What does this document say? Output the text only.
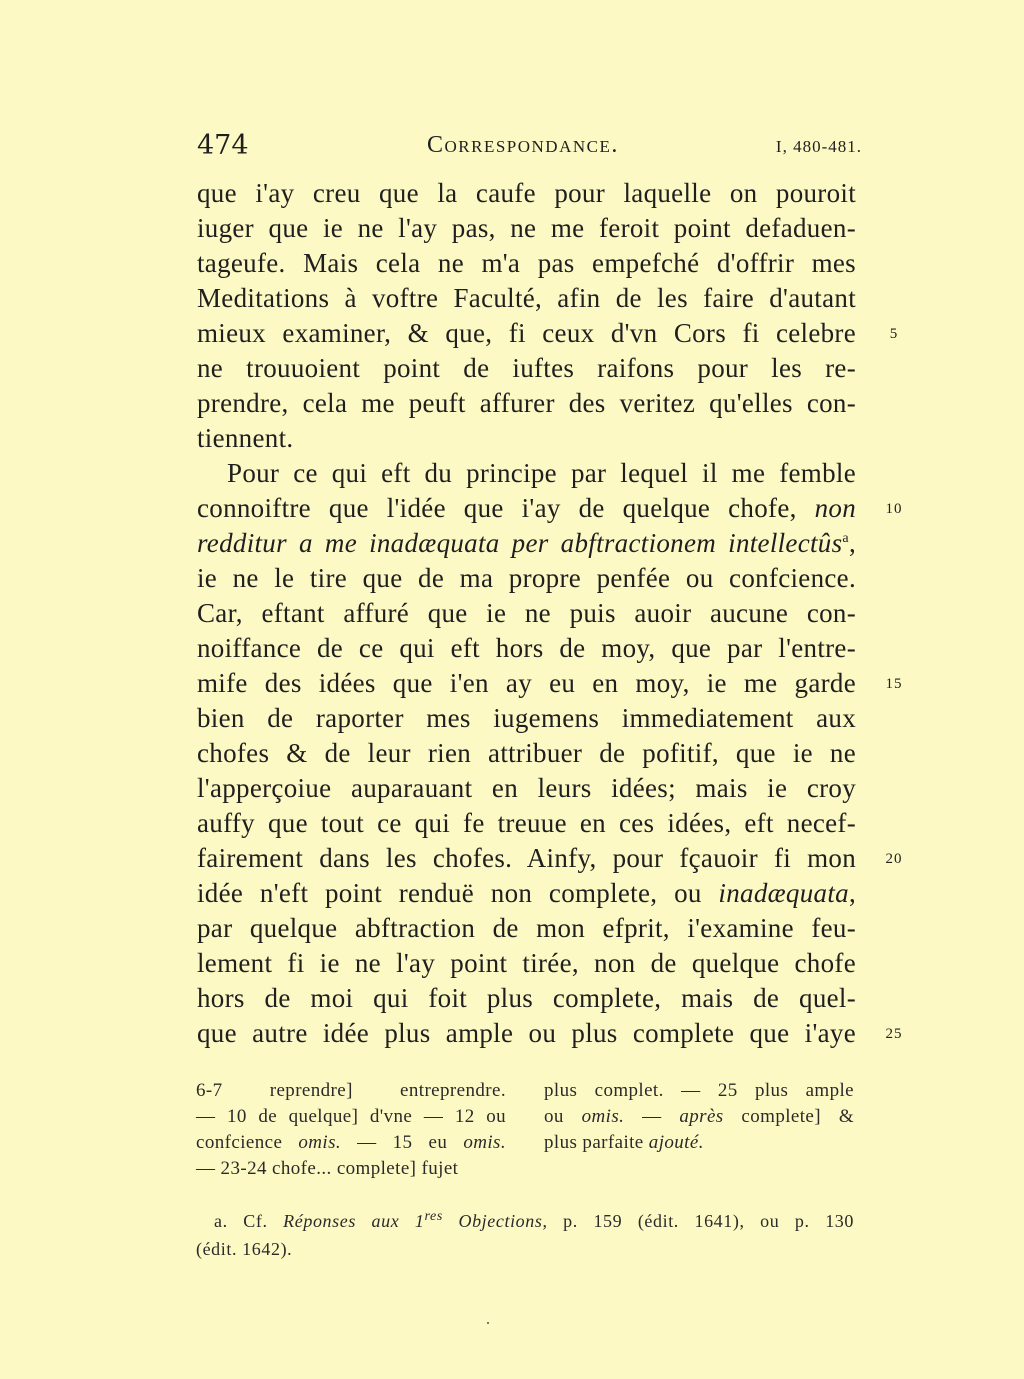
474	Correspondance.	I, 480-481.
que i'ay creu que la caufe pour laquelle on pouroit
iuger que ie ne l'ay pas, ne me feroit point defaduen-
tageufe. Mais cela ne m'a pas empefché d'offrir mes
Meditations à voftre Faculté, afin de les faire d'autant
mieux examiner, & que, fi ceux d'vn Cors fi celebre
ne trouuoient point de iuftes raifons pour les re-
prendre, cela me peuft affurer des veritez qu'elles con-
tiennent.
Pour ce qui eft du principe par lequel il me femble
connoiftre que l'idée que i'ay de quelque chofe, non
redditur a me inadæquata per abftractionem intellectûs$^a$,
ie ne le tire que de ma propre penfée ou confcience.
Car, eftant affuré que ie ne puis auoir aucune con-
noiffance de ce qui eft hors de moy, que par l'entre-
mife des idées que i'en ay eu en moy, ie me garde
bien de raporter mes iugemens immediatement aux
chofes & de leur rien attribuer de pofitif, que ie ne
l'apperçoiue auparauant en leurs idées; mais ie croy
auffy que tout ce qui fe treuue en ces idées, eft necef-
fairement dans les chofes. Ainfy, pour fçauoir fi mon
idée n'eft point renduë non complete, ou inadæquata,
par quelque abftraction de mon efprit, i'examine feu-
lement fi ie ne l'ay point tirée, non de quelque chofe
hors de moi qui foit plus complete, mais de quel-
que autre idée plus ample ou plus complete que i'aye
5
10
15
20
25
6-7 reprendre] entreprendre.
— 10 de quelque] d'vne — 12 ou
confcience omis. — 15 eu omis.
— 23-24 chofe... complete] fujet
plus complet. — 25 plus ample
ou omis. — après complete] &
plus parfaite ajouté.
a. Cf. Réponses aux 1res Objections, p. 159 (édit. 1641), ou p. 130
(édit. 1642).
